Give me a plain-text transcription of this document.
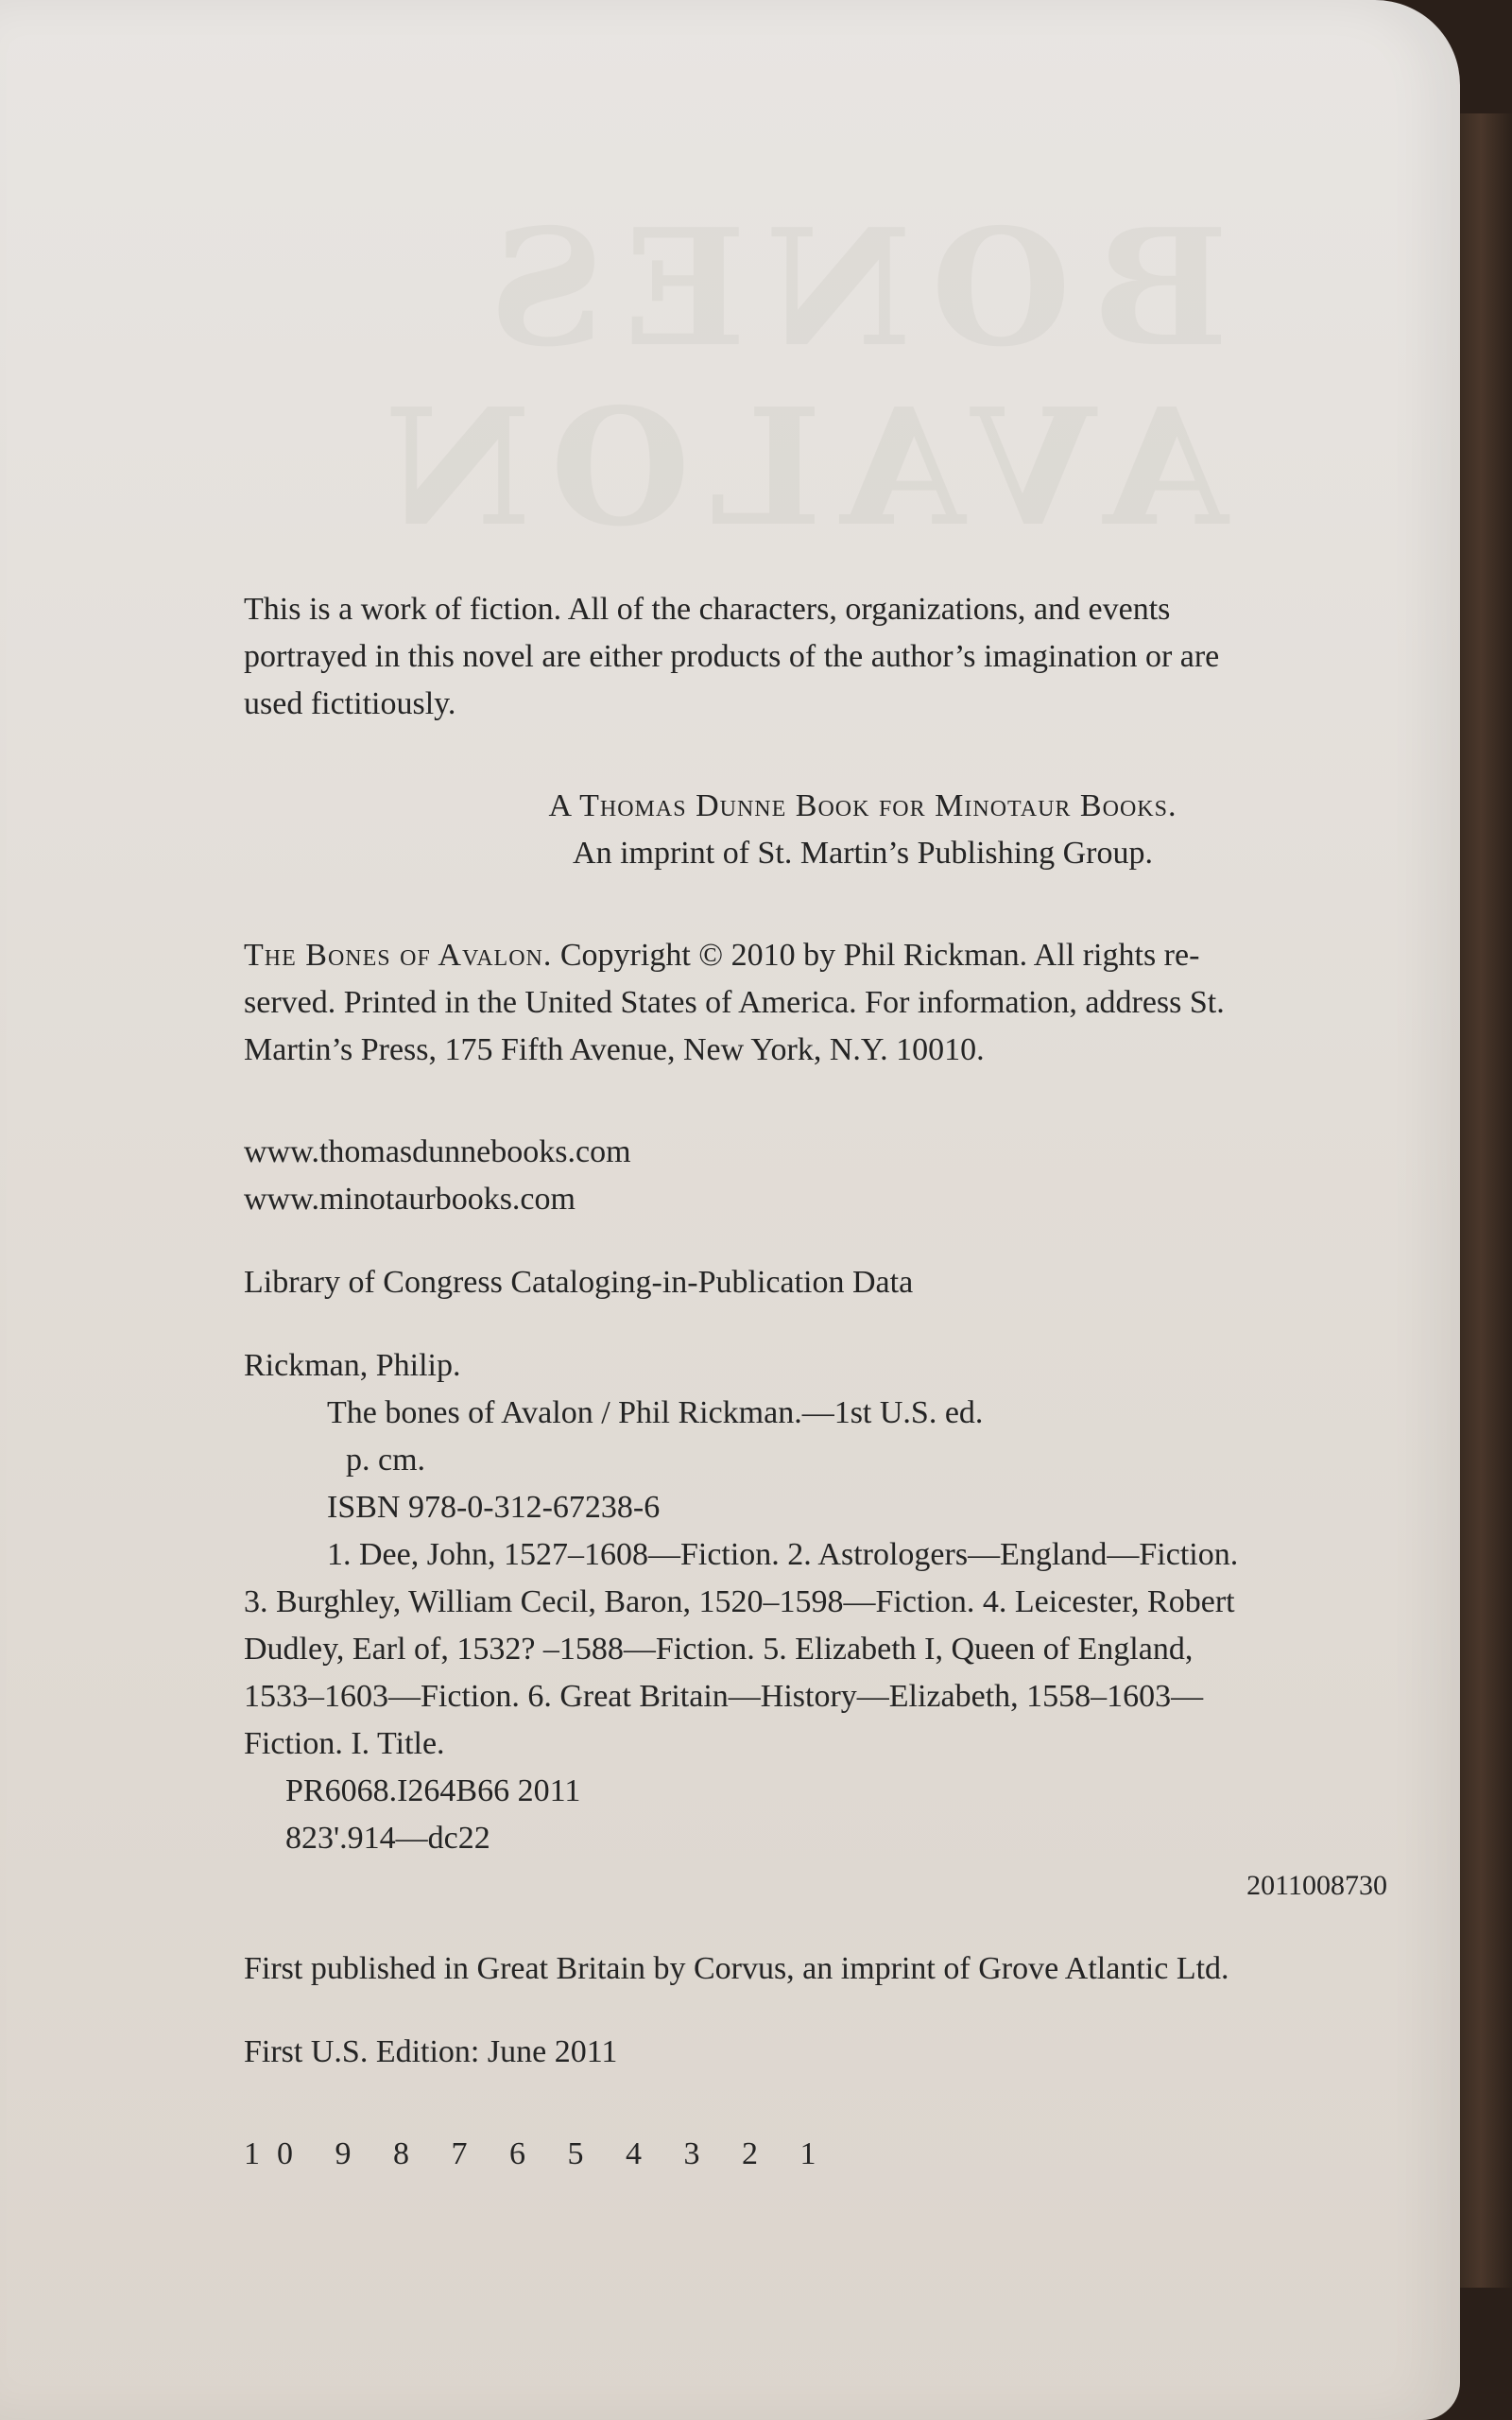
BONES
AVALON

This is a work of fiction. All of the characters, organizations, and events

portrayed in this novel are either products of the author’s imagination or are

used fictitiously.

A Thomas Dunne Book for Minotaur Books.

An imprint of St. Martin’s Publishing Group.

The Bones of Avalon. Copyright © 2010 by Phil Rickman. All rights re-

served. Printed in the United States of America. For information, address St.

Martin’s Press, 175 Fifth Avenue, New York, N.Y. 10010.

www.thomasdunnebooks.com

www.minotaurbooks.com

Library of Congress Cataloging-in-Publication Data

Rickman, Philip.

The bones of Avalon / Phil Rickman.—1st U.S. ed.

p. cm.

ISBN 978-0-312-67238-6

1. Dee, John, 1527–1608—Fiction. 2. Astrologers—England—Fiction.

3. Burghley, William Cecil, Baron, 1520–1598—Fiction. 4. Leicester, Robert

Dudley, Earl of, 1532? –1588—Fiction. 5. Elizabeth I, Queen of England,

1533–1603—Fiction. 6. Great Britain—History—Elizabeth, 1558–1603—

Fiction. I. Title.

PR6068.I264B66 2011

823'.914—dc22

2011008730

First published in Great Britain by Corvus, an imprint of Grove Atlantic Ltd.

First U.S. Edition: June 2011

10 9 8 7 6 5 4 3 2 1
